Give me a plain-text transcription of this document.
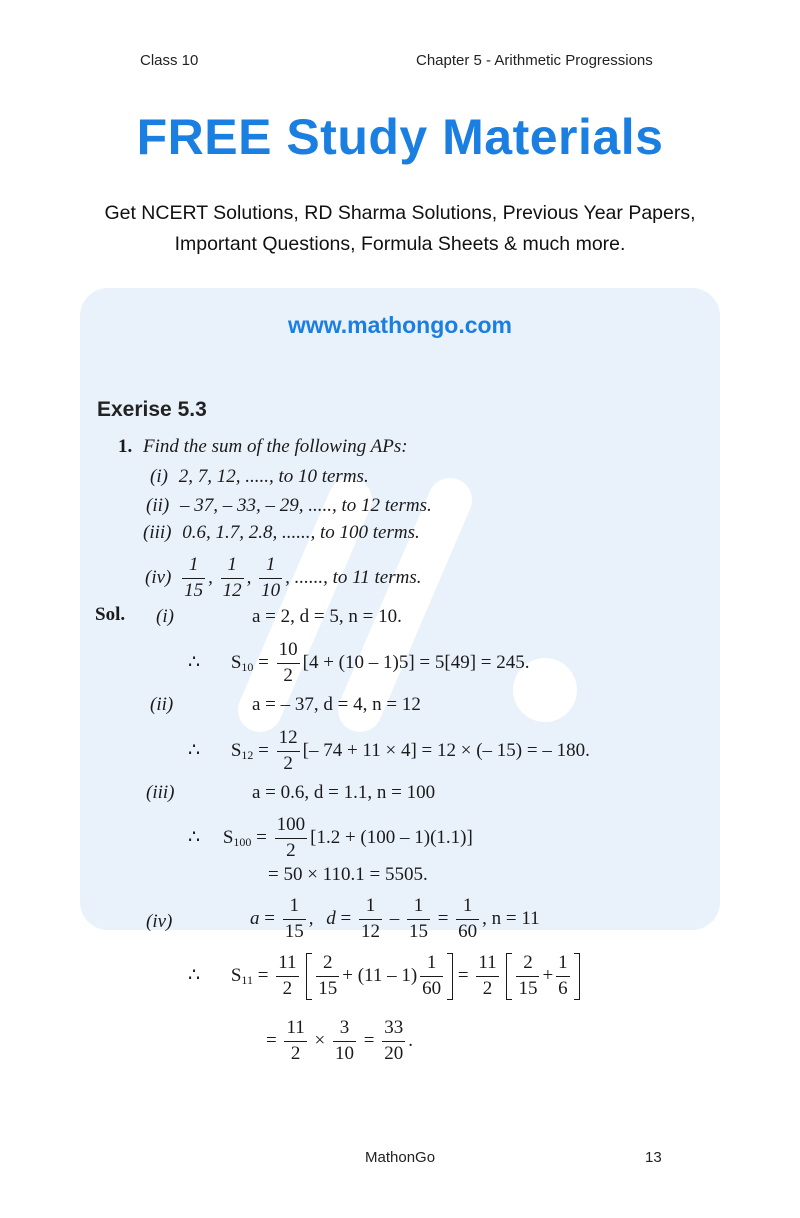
Class 10	Chapter 5 - Arithmetic Progressions
FREE Study Materials
Get NCERT Solutions, RD Sharma Solutions, Previous Year Papers,
Important Questions, Formula Sheets & much more.
www.mathongo.com
Exerise 5.3
1. Find the sum of the following APs:
(i) 2, 7, 12, ....., to 10 terms.
(ii) – 37, – 33, – 29, ....., to 12 terms.
(iii) 0.6, 1.7, 2.8, ......, to 100 terms.
$(iv) \frac{1}{15}$ , $\frac{1}{12}$ , $\frac{1}{10}$ , ......, to 11 terms.
Sol. (i)	a = 2, d = 5, n = 10.
∴ $S_{10} = \frac{10}{2} [4 + (10 - 1)5] = 5[49] = 245$.
(ii)	a = – 37, d = 4, n = 12
∴ $S_{12} = \frac{12}{2}$ [– 74 + 11 × 4] = 12 × (– 15) = – 180.
(iii)	a = 0.6, d = 1.1, n = 100
∴ $S_{100} = \frac{100}{2} [1.2 + (100 - 1)(1.1)]$
= 50 × 110.1 = 5505.
(iv)	$a = \frac{1}{15}$ , $d = \frac{1}{12} - \frac{1}{15} = \frac{1}{60}$ , n = 11
∴ $S_{11} = \frac{11}{2}$
$\frac{2}{15} + (11 - 1) \frac{1}{60} = \frac{11}{2}$
$\frac{2}{15} + \frac{1}{6}$
= $\frac{11}{2} \times \frac{3}{10} = \frac{33}{20}$ .
MathonGo	13
